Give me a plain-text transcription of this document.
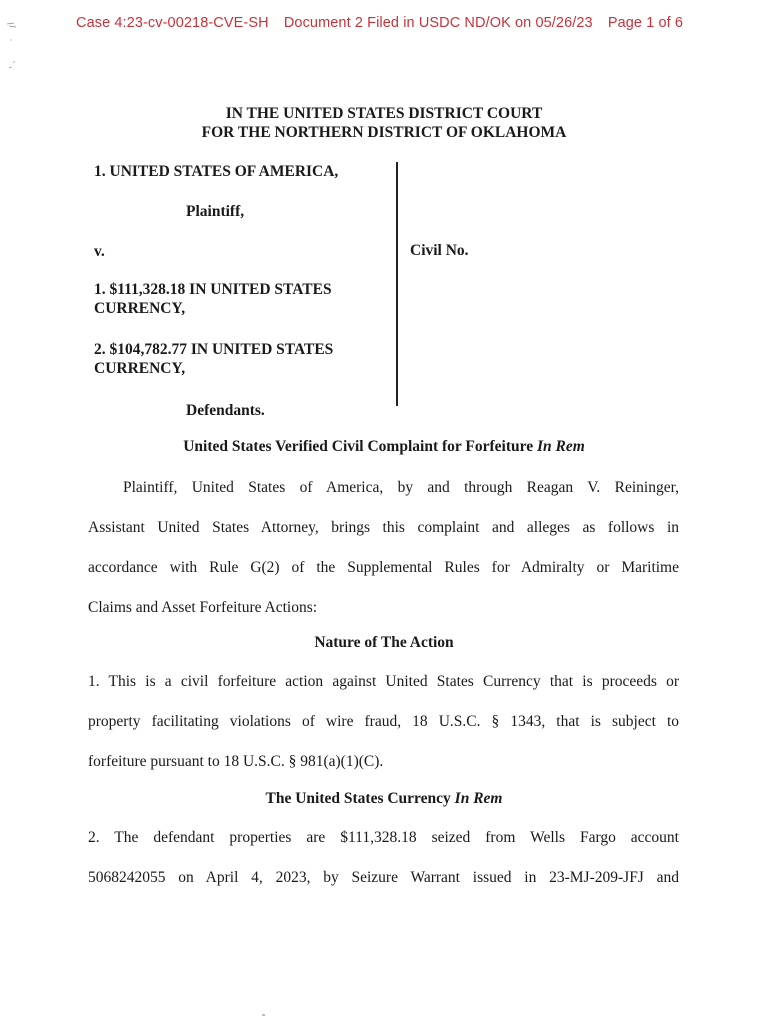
Case 4:23-cv-00218-CVE-SH Document 2 Filed in USDC ND/OK on 05/26/23 Page 1 of 6
IN THE UNITED STATES DISTRICT COURT
FOR THE NORTHERN DISTRICT OF OKLAHOMA
1. UNITED STATES OF AMERICA,
Plaintiff,
v.
1. $111,328.18 IN UNITED STATES
CURRENCY,
2. $104,782.77 IN UNITED STATES
CURRENCY,
Defendants.
Civil No.
United States Verified Civil Complaint for Forfeiture In Rem
Plaintiff, United States of America, by and through Reagan V. Reininger,
Assistant United States Attorney, brings this complaint and alleges as follows in
accordance with Rule G(2) of the Supplemental Rules for Admiralty or Maritime
Claims and Asset Forfeiture Actions:
Nature of The Action
1. This is a civil forfeiture action against United States Currency that is proceeds or
property facilitating violations of wire fraud, 18 U.S.C. § 1343, that is subject to
forfeiture pursuant to 18 U.S.C. § 981(a)(1)(C).
The United States Currency In Rem
2. The defendant properties are $111,328.18 seized from Wells Fargo account
5068242055 on April 4, 2023, by Seizure Warrant issued in 23-MJ-209-JFJ and
